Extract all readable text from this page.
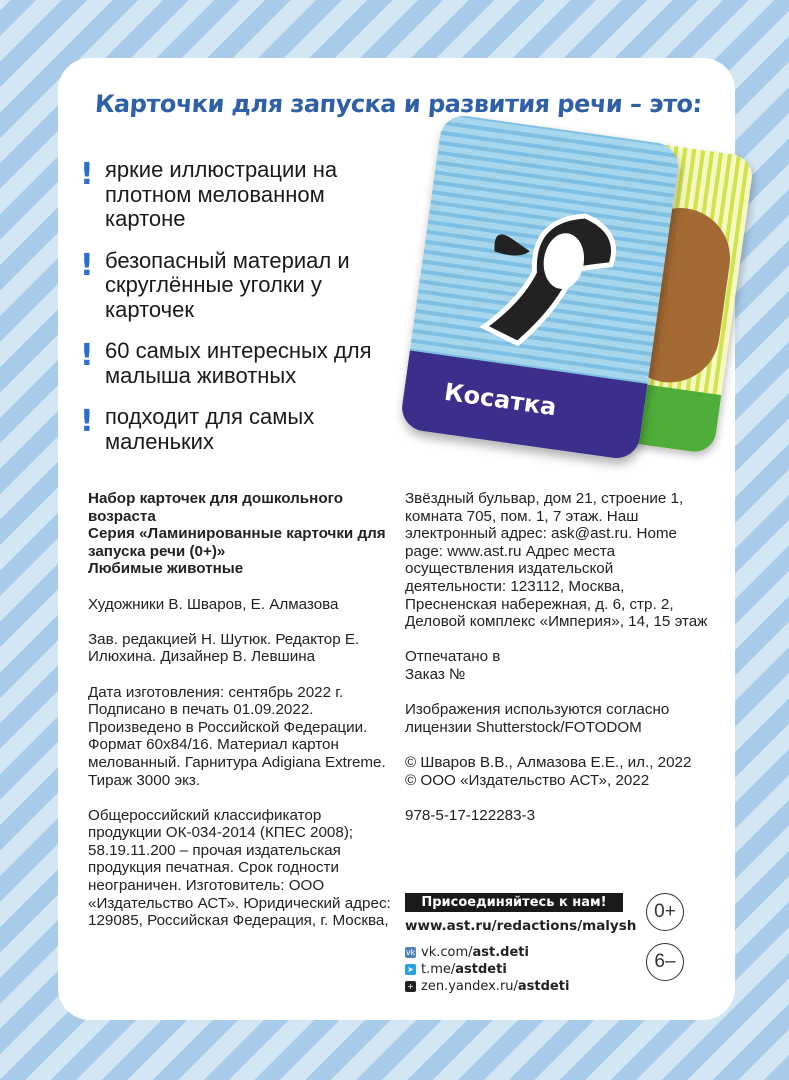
Карточки для запуска и развития речи – это:
! яркие иллюстрации на плотном мелованном картоне
! безопасный материал и скруглённые уголки у карточек
! 60 самых интересных для малыша животных
! подходит для самых маленьких
Косатка

Набор карточек для дошкольного возраста
Серия «Ламинированные карточки для запуска речи (0+)»
Любимые животные

Художники В. Шваров, Е. Алмазова

Зав. редакцией Н. Шутюк. Редактор Е. Илюхина. Дизайнер В. Левшина

Дата изготовления: сентябрь 2022 г. Подписано в печать 01.09.2022. Произведено в Российской Федерации. Формат 60x84/16. Материал картон мелованный. Гарнитура Adigiana Extreme. Тираж 3000 экз.

Общероссийский классификатор продукции ОК-034-2014 (КПЕС 2008); 58.19.11.200 – прочая издательская продукция печатная. Срок годности неограничен. Изготовитель: ООО «Издательство АСТ». Юридический адрес: 129085, Российская Федерация, г. Москва,

Звёздный бульвар, дом 21, строение 1, комната 705, пом. 1, 7 этаж. Наш электронный адрес: ask@ast.ru. Home page: www.ast.ru Адрес места осуществления издательской деятельности: 123112, Москва, Пресненская набережная, д. 6, стр. 2, Деловой комплекс «Империя», 14, 15 этаж

Отпечатано в
Заказ №

Изображения используются согласно лицензии Shutterstock/FOTODOM

© Шваров В.В., Алмазова Е.Е., ил., 2022
© ООО «Издательство АСТ», 2022

978-5-17-122283-3

Присоединяйтесь к нам!
www.ast.ru/redactions/malysh
vk vk.com/ ast.deti
➤ t.me/ astdeti
+ zen.yandex.ru/ astdeti
0+
6–
